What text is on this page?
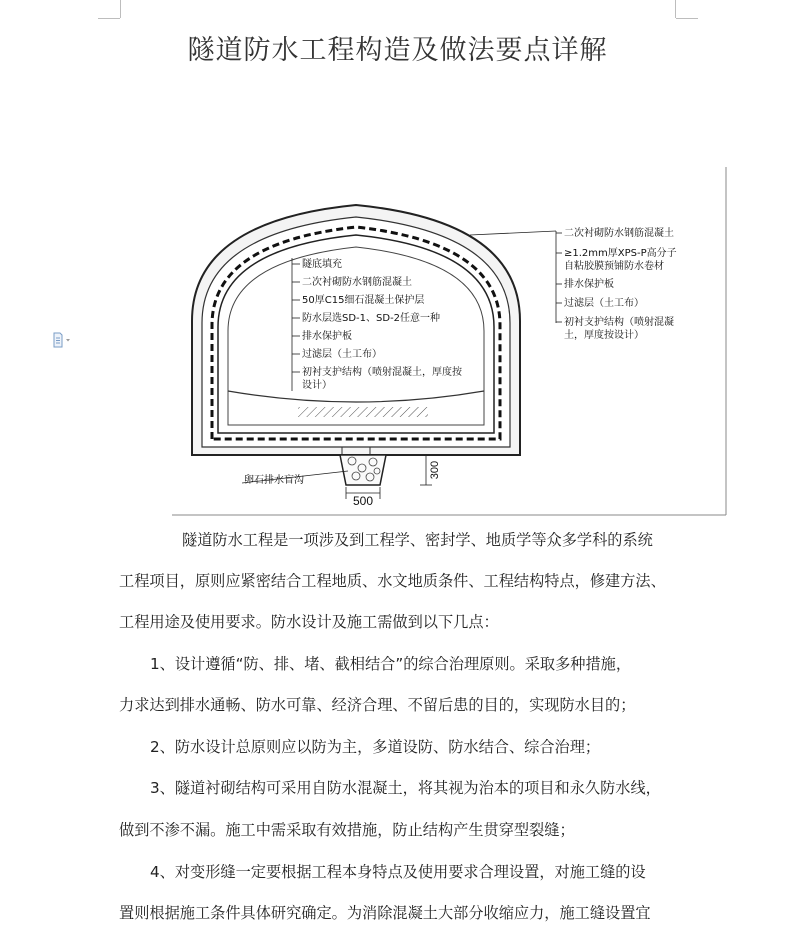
隧道防水工程构造及做法要点详解
500
300
卵石排水盲沟
隧底填充
二次衬砌防水钢筋混凝土
50厚C15细石混凝土保护层
防水层选SD-1、SD-2任意一种
排水保护板
过滤层（土工布）
初衬支护结构（喷射混凝土，厚度按
设计）
二次衬砌防水钢筋混凝土
≥1.2mm厚XPS-P高分子
自粘胶膜预铺防水卷材
排水保护板
过滤层（土工布）
初衬支护结构（喷射混凝
土，厚度按设计）
隧道防水工程是一项涉及到工程学、密封学、地质学等众多学科的系统
工程项目，原则应紧密结合工程地质、水文地质条件、工程结构特点，修建方法、
工程用途及使用要求。防水设计及施工需做到以下几点：
1、设计遵循“防、排、堵、截相结合”的综合治理原则。采取多种措施，
力求达到排水通畅、防水可靠、经济合理、不留后患的目的，实现防水目的；
2、防水设计总原则应以防为主，多道设防、防水结合、综合治理；
3、隧道衬砌结构可采用自防水混凝土，将其视为治本的项目和永久防水线，
做到不渗不漏。施工中需采取有效措施，防止结构产生贯穿型裂缝；
4、对变形缝一定要根据工程本身特点及使用要求合理设置，对施工缝的设
置则根据施工条件具体研究确定。为消除混凝土大部分收缩应力，施工缝设置宜
